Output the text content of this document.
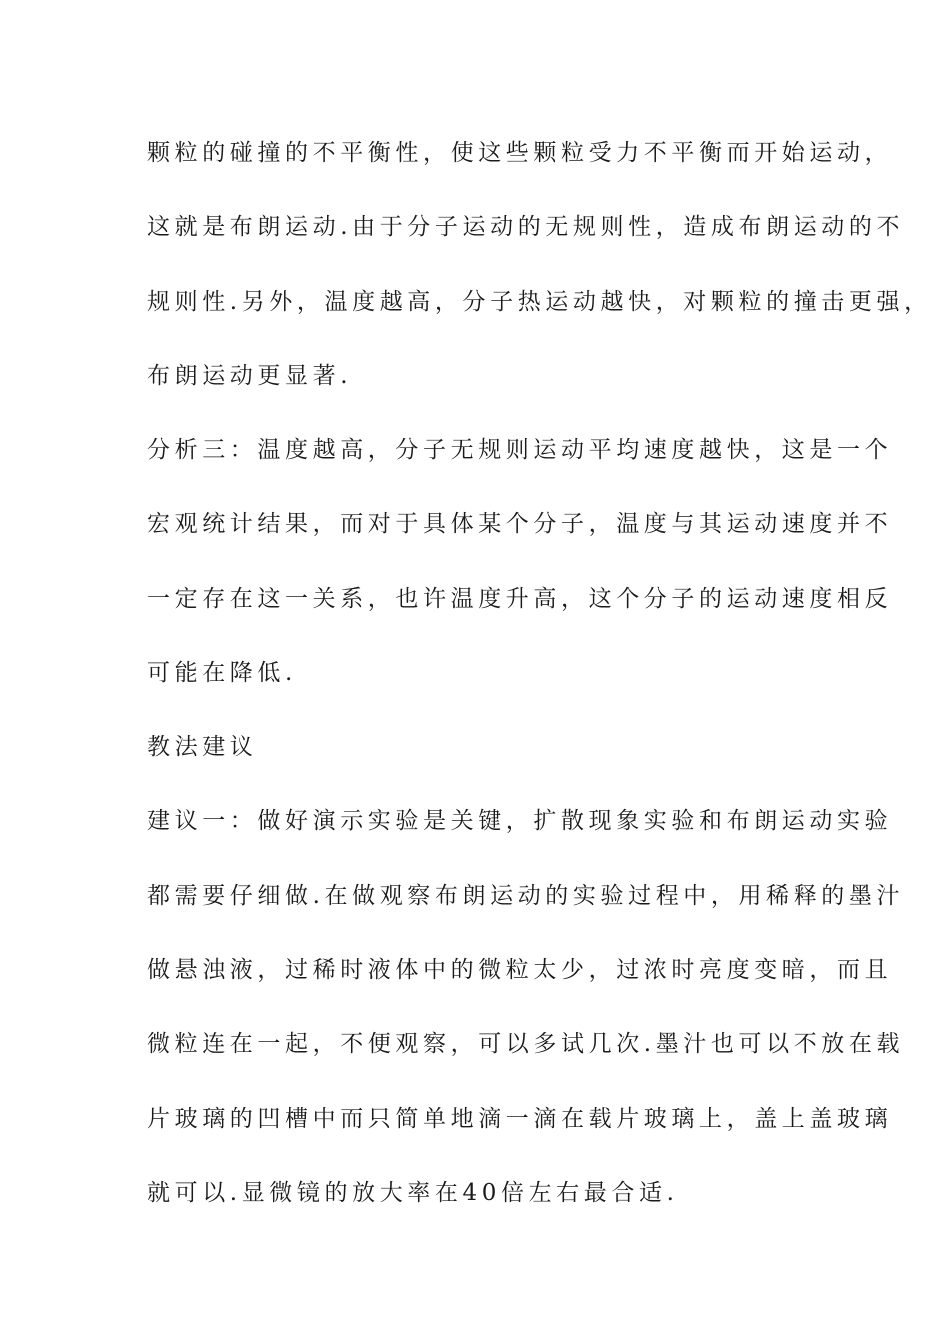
颗粒的碰撞的不平衡性，使这些颗粒受力不平衡而开始运动，
这就是布朗运动.由于分子运动的无规则性，造成布朗运动的不
规则性.另外，温度越高，分子热运动越快，对颗粒的撞击更强，
布朗运动更显著.
分析三：温度越高，分子无规则运动平均速度越快，这是一个
宏观统计结果，而对于具体某个分子，温度与其运动速度并不
一定存在这一关系，也许温度升高，这个分子的运动速度相反
可能在降低.
教法建议
建议一：做好演示实验是关键，扩散现象实验和布朗运动实验
都需要仔细做.在做观察布朗运动的实验过程中，用稀释的墨汁
做悬浊液，过稀时液体中的微粒太少，过浓时亮度变暗，而且
微粒连在一起，不便观察，可以多试几次.墨汁也可以不放在载
片玻璃的凹槽中而只简单地滴一滴在载片玻璃上，盖上盖玻璃
就可以.显微镜的放大率在40倍左右最合适.
